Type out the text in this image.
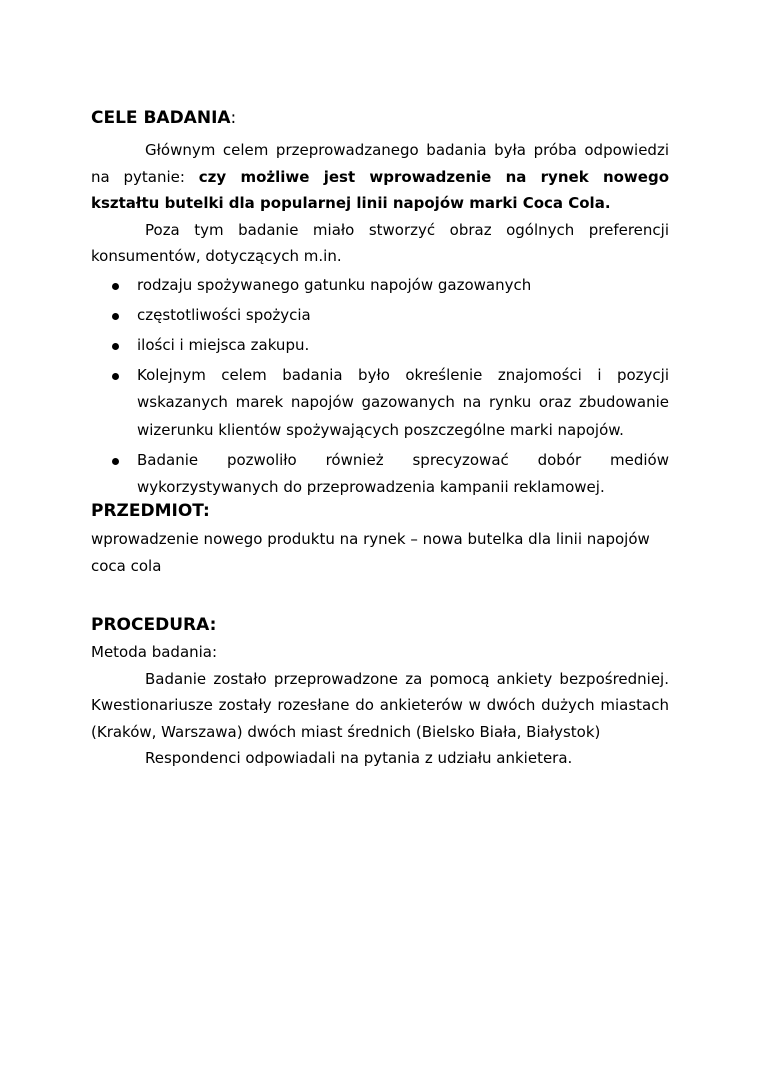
CELE BADANIA:

Głównym celem przeprowadzanego badania była próba odpowiedzi na pytanie: czy możliwe jest wprowadzenie na rynek nowego kształtu butelki dla popularnej linii napojów marki Coca Cola.

Poza tym badanie miało stworzyć obraz ogólnych preferencji konsumentów, dotyczących m.in.

rodzaju spożywanego gatunku napojów gazowanych
częstotliwości spożycia
ilości i miejsca zakupu.
Kolejnym celem badania było określenie znajomości i pozycji wskazanych marek napojów gazowanych na rynku oraz zbudowanie wizerunku klientów spożywających poszczególne marki napojów.
Badanie pozwoliło również sprecyzować dobór mediów wykorzystywanych do przeprowadzenia kampanii reklamowej.
PRZEDMIOT:

wprowadzenie nowego produktu na rynek – nowa butelka dla linii napojów coca cola

PROCEDURA:

Metoda badania:

Badanie zostało przeprowadzone za pomocą ankiety bezpośredniej. Kwestionariusze zostały rozesłane do ankieterów w dwóch dużych miastach (Kraków, Warszawa) dwóch miast średnich (Bielsko Biała, Białystok)

Respondenci odpowiadali na pytania z udziału ankietera.
